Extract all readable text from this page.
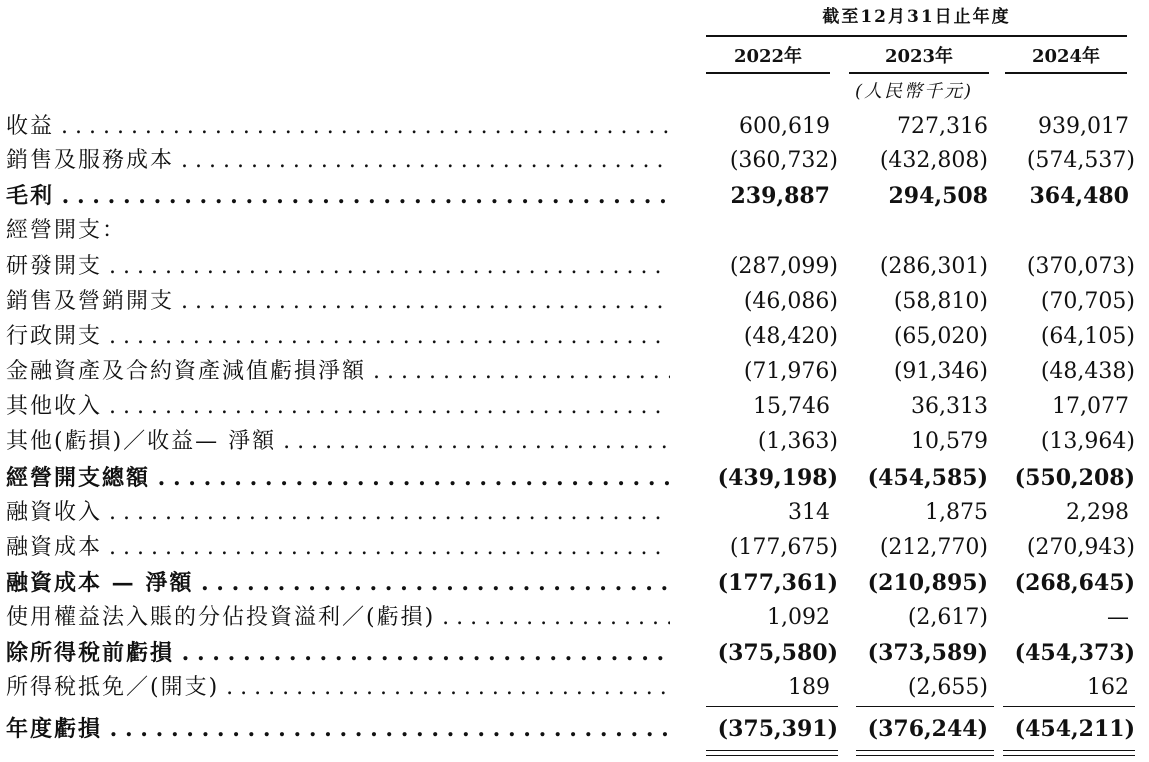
截至12月31日止年度
2022年	2023年	2024年
(人民幣千元)
收益 . . .	600,619	727,316 939,017
銷售及服務成本 . . .	(360,732) (432,808) (574,537)
毛利 . . .	239,887	294,508 364,480
經營開支：
研發開支 . . .	(287,099) (286,301) (370,073)
銷售及營銷開支 . . .	(46,086)	(58,810) (70,705)
行政開支 . . .	(48,420)	(65,020) (64,105)
金融資產及合約資產減值虧損淨額 . . .	(71,976)	(91,346) (48,438)
其他收入 . . .	15,746	36,313	17,077
其他(虧損)／收益— 淨額 . . .	(1,363)	10,579 (13,964)
經營開支總額 . . .	(439,198) (454,585) (550,208)
融資收入 . . .	314	1,875	2,298
融資成本 . . .	(177,675) (212,770) (270,943)
融資成本 — 淨額 . . .	(177,361) (210,895) (268,645)
使用權益法入賬的分佔投資溢利／(虧損) . . .	1,092	(2,617)	—
除所得稅前虧損 . . .	(375,580) (373,589) (454,373)
所得稅抵免／(開支) . . .	189	(2,655)	162
年度虧損 . . .	(375,391) (376,244) (454,211)
